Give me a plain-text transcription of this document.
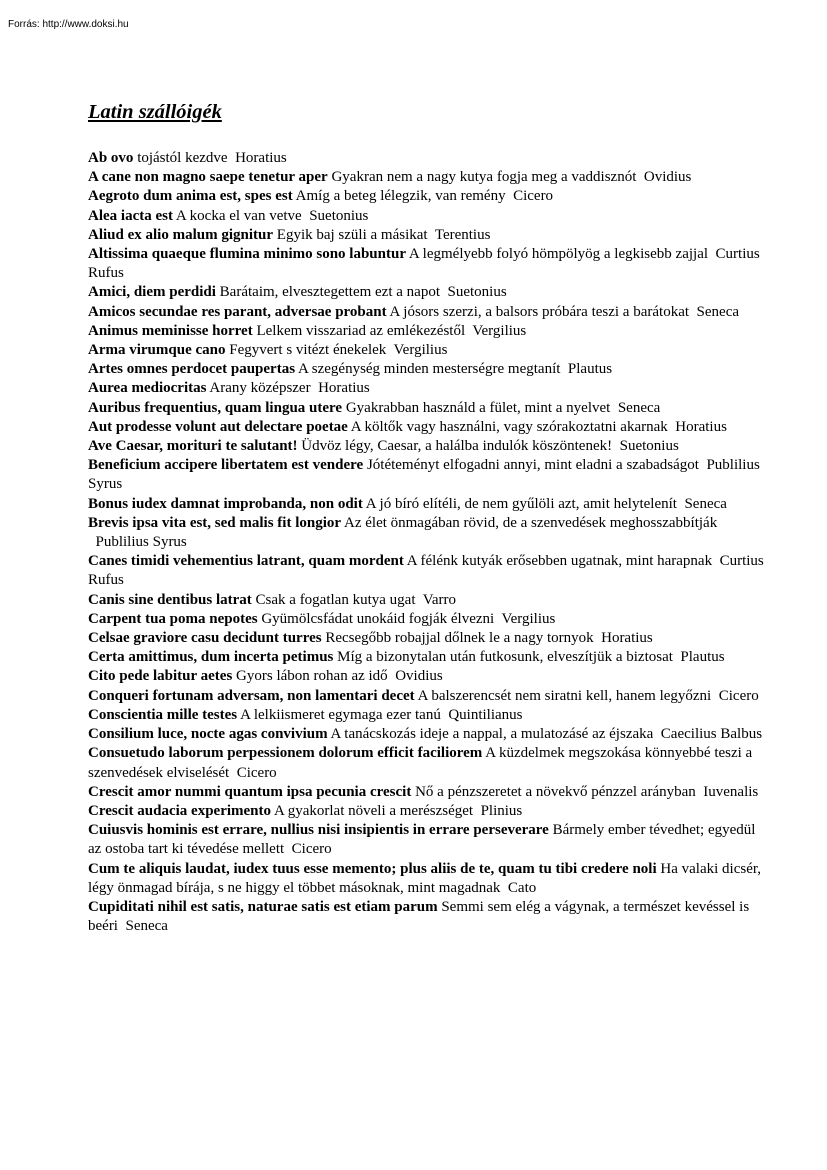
Forrás: http://www.doksi.hu
Latin szállóigék

Ab ovo tojástól kezdve Horatius

A cane non magno saepe tenetur aper Gyakran nem a nagy kutya fogja meg a vaddisznót Ovidius

Aegroto dum anima est, spes est Amíg a beteg lélegzik, van remény Cicero

Alea iacta est A kocka el van vetve Suetonius

Aliud ex alio malum gignitur Egyik baj szüli a másikat Terentius

Altissima quaeque flumina minimo sono labuntur A legmélyebb folyó hömpölyög a legkisebb zajjal Curtius Rufus

Amici, diem perdidi Barátaim, elvesztegettem ezt a napot Suetonius

Amicos secundae res parant, adversae probant A jósors szerzi, a balsors próbára teszi a barátokat Seneca

Animus meminisse horret Lelkem visszariad az emlékezéstől Vergilius

Arma virumque cano Fegyvert s vitézt énekelek Vergilius

Artes omnes perdocet paupertas A szegénység minden mesterségre megtanít Plautus

Aurea mediocritas Arany középszer Horatius

Auribus frequentius, quam lingua utere Gyakrabban használd a fület, mint a nyelvet Seneca

Aut prodesse volunt aut delectare poetae A költők vagy használni, vagy szórakoztatni akarnak Horatius

Ave Caesar, morituri te salutant! Üdvöz légy, Caesar, a halálba indulók köszöntenek! Suetonius

Beneficium accipere libertatem est vendere Jótéteményt elfogadni annyi, mint eladni a szabadságot Publilius Syrus

Bonus iudex damnat improbanda, non odit A jó bíró elítéli, de nem gyűlöli azt, amit helytelenít Seneca

Brevis ipsa vita est, sed malis fit longior Az élet önmagában rövid, de a szenvedések meghosszabbítják  Publilius Syrus

Canes timidi vehementius latrant, quam mordent A félénk kutyák erősebben ugatnak, mint harapnak Curtius Rufus

Canis sine dentibus latrat Csak a fogatlan kutya ugat Varro

Carpent tua poma nepotes Gyümölcsfádat unokáid fogják élvezni Vergilius

Celsae graviore casu decidunt turres Recsegőbb robajjal dőlnek le a nagy tornyok Horatius

Certa amittimus, dum incerta petimus Míg a bizonytalan után futkosunk, elveszítjük a biztosat Plautus

Cito pede labitur aetes Gyors lábon rohan az idő Ovidius

Conqueri fortunam adversam, non lamentari decet A balszerencsét nem siratni kell, hanem legyőzni Cicero

Conscientia mille testes A lelkiismeret egymaga ezer tanú Quintilianus

Consilium luce, nocte agas convivium A tanácskozás ideje a nappal, a mulatozásé az éjszaka Caecilius Balbus

Consuetudo laborum perpessionem dolorum efficit faciliorem A küzdelmek megszokása könnyebbé teszi a szenvedések elviselését Cicero

Crescit amor nummi quantum ipsa pecunia crescit Nő a pénzszeretet a növekvő pénzzel arányban Iuvenalis

Crescit audacia experimento A gyakorlat növeli a merészséget Plinius

Cuiusvis hominis est errare, nullius nisi insipientis in errare perseverare Bármely ember tévedhet; egyedül az ostoba tart ki tévedése mellett Cicero

Cum te aliquis laudat, iudex tuus esse memento; plus aliis de te, quam tu tibi credere noli Ha valaki dicsér, légy önmagad bírája, s ne higgy el többet másoknak, mint magadnak Cato

Cupiditati nihil est satis, naturae satis est etiam parum Semmi sem elég a vágynak, a természet kevéssel is beéri Seneca
